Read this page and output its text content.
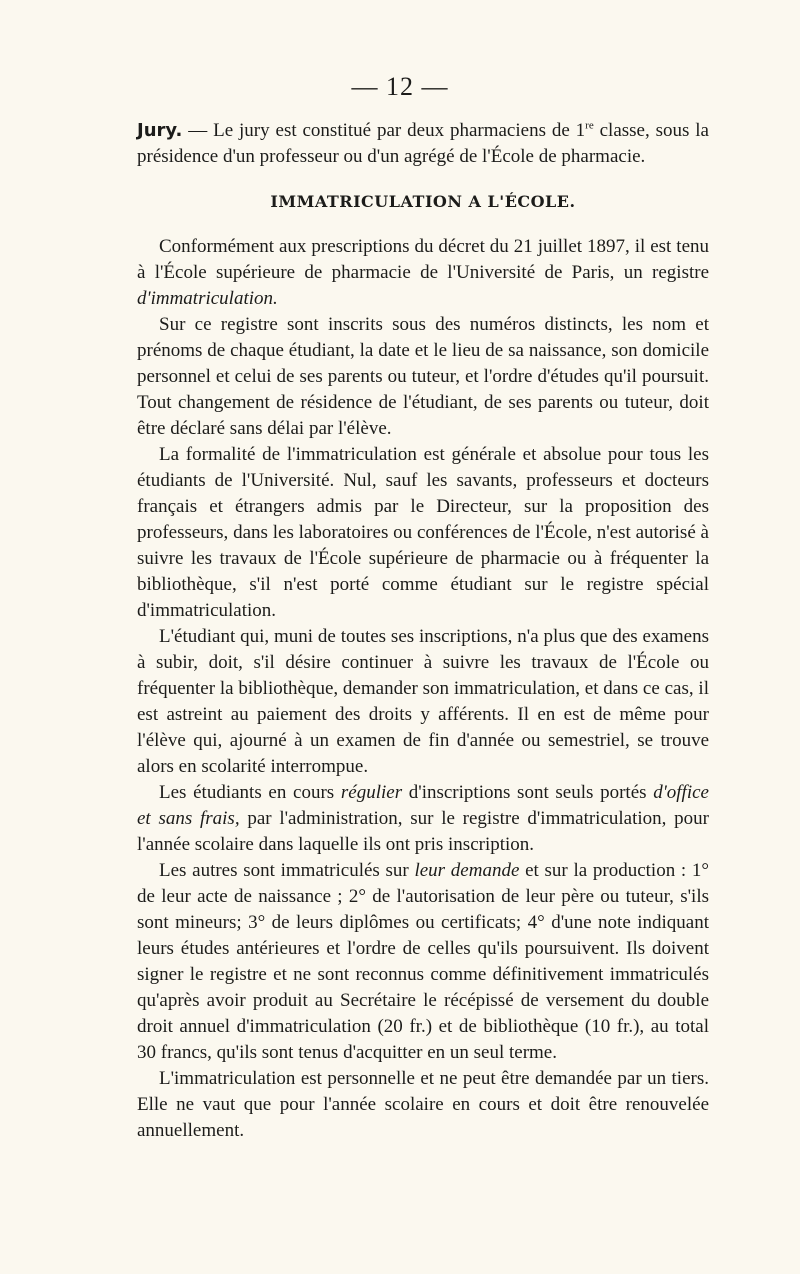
— 12 —

Jury. — Le jury est constitué par deux pharmaciens de 1re classe, sous la présidence d'un professeur ou d'un agrégé de l'École de pharmacie.

IMMATRICULATION A L'ÉCOLE.

Conformément aux prescriptions du décret du 21 juillet 1897, il est tenu à l'École supérieure de pharmacie de l'Université de Paris, un registre d'immatriculation.

Sur ce registre sont inscrits sous des numéros distincts, les nom et prénoms de chaque étudiant, la date et le lieu de sa naissance, son domicile personnel et celui de ses parents ou tuteur, et l'ordre d'études qu'il poursuit. Tout changement de résidence de l'étudiant, de ses parents ou tuteur, doit être déclaré sans délai par l'élève.

La formalité de l'immatriculation est générale et absolue pour tous les étudiants de l'Université. Nul, sauf les savants, professeurs et docteurs français et étrangers admis par le Directeur, sur la proposition des professeurs, dans les laboratoires ou conférences de l'École, n'est autorisé à suivre les travaux de l'École supérieure de pharmacie ou à fréquenter la bibliothèque, s'il n'est porté comme étudiant sur le registre spécial d'immatriculation.

L'étudiant qui, muni de toutes ses inscriptions, n'a plus que des examens à subir, doit, s'il désire continuer à suivre les travaux de l'École ou fréquenter la bibliothèque, demander son immatriculation, et dans ce cas, il est astreint au paiement des droits y afférents. Il en est de même pour l'élève qui, ajourné à un examen de fin d'année ou semestriel, se trouve alors en scolarité interrompue.

Les étudiants en cours régulier d'inscriptions sont seuls portés d'office et sans frais, par l'administration, sur le registre d'immatriculation, pour l'année scolaire dans laquelle ils ont pris inscription.

Les autres sont immatriculés sur leur demande et sur la production : 1° de leur acte de naissance ; 2° de l'autorisation de leur père ou tuteur, s'ils sont mineurs; 3° de leurs diplômes ou certificats; 4° d'une note indiquant leurs études antérieures et l'ordre de celles qu'ils poursuivent. Ils doivent signer le registre et ne sont reconnus comme définitivement immatriculés qu'après avoir produit au Secrétaire le récépissé de versement du double droit annuel d'immatriculation (20 fr.) et de bibliothèque (10 fr.), au total 30 francs, qu'ils sont tenus d'acquitter en un seul terme.

L'immatriculation est personnelle et ne peut être demandée par un tiers. Elle ne vaut que pour l'année scolaire en cours et doit être renouvelée annuellement.
